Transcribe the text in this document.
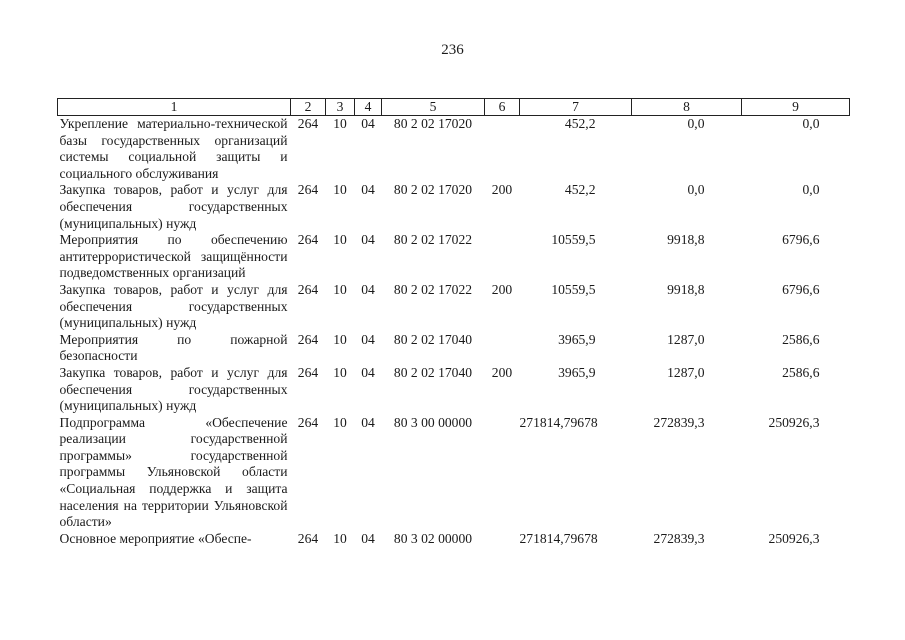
236
1	2	3	4	5	6	7	8	9
Укрепление материально-технической базы государственных организаций системы социальной защиты и социального обслуживания	264	10	04	80 2 02 17020		452,2	0,0	0,0
Закупка товаров, работ и услуг для обеспечения государственных (муниципальных) нужд	264	10	04	80 2 02 17020	200	452,2	0,0	0,0
Мероприятия по обеспечению антитеррористической защищённости подведомственных организаций	264	10	04	80 2 02 17022		10559,5	9918,8	6796,6
Закупка товаров, работ и услуг для обеспечения государственных (муниципальных) нужд	264	10	04	80 2 02 17022	200	10559,5	9918,8	6796,6
Мероприятия по пожарной безопасности	264	10	04	80 2 02 17040		3965,9	1287,0	2586,6
Закупка товаров, работ и услуг для обеспечения государственных (муниципальных) нужд	264	10	04	80 2 02 17040	200	3965,9	1287,0	2586,6
Подпрограмма «Обеспечение реализации государственной программы» государственной программы Ульяновской области «Социальная поддержка и защита населения на территории Ульяновской области»	264	10	04	80 3 00 00000		271814,79678	272839,3	250926,3
Основное мероприятие «Обеспе-	264	10	04	80 3 02 00000		271814,79678	272839,3	250926,3
